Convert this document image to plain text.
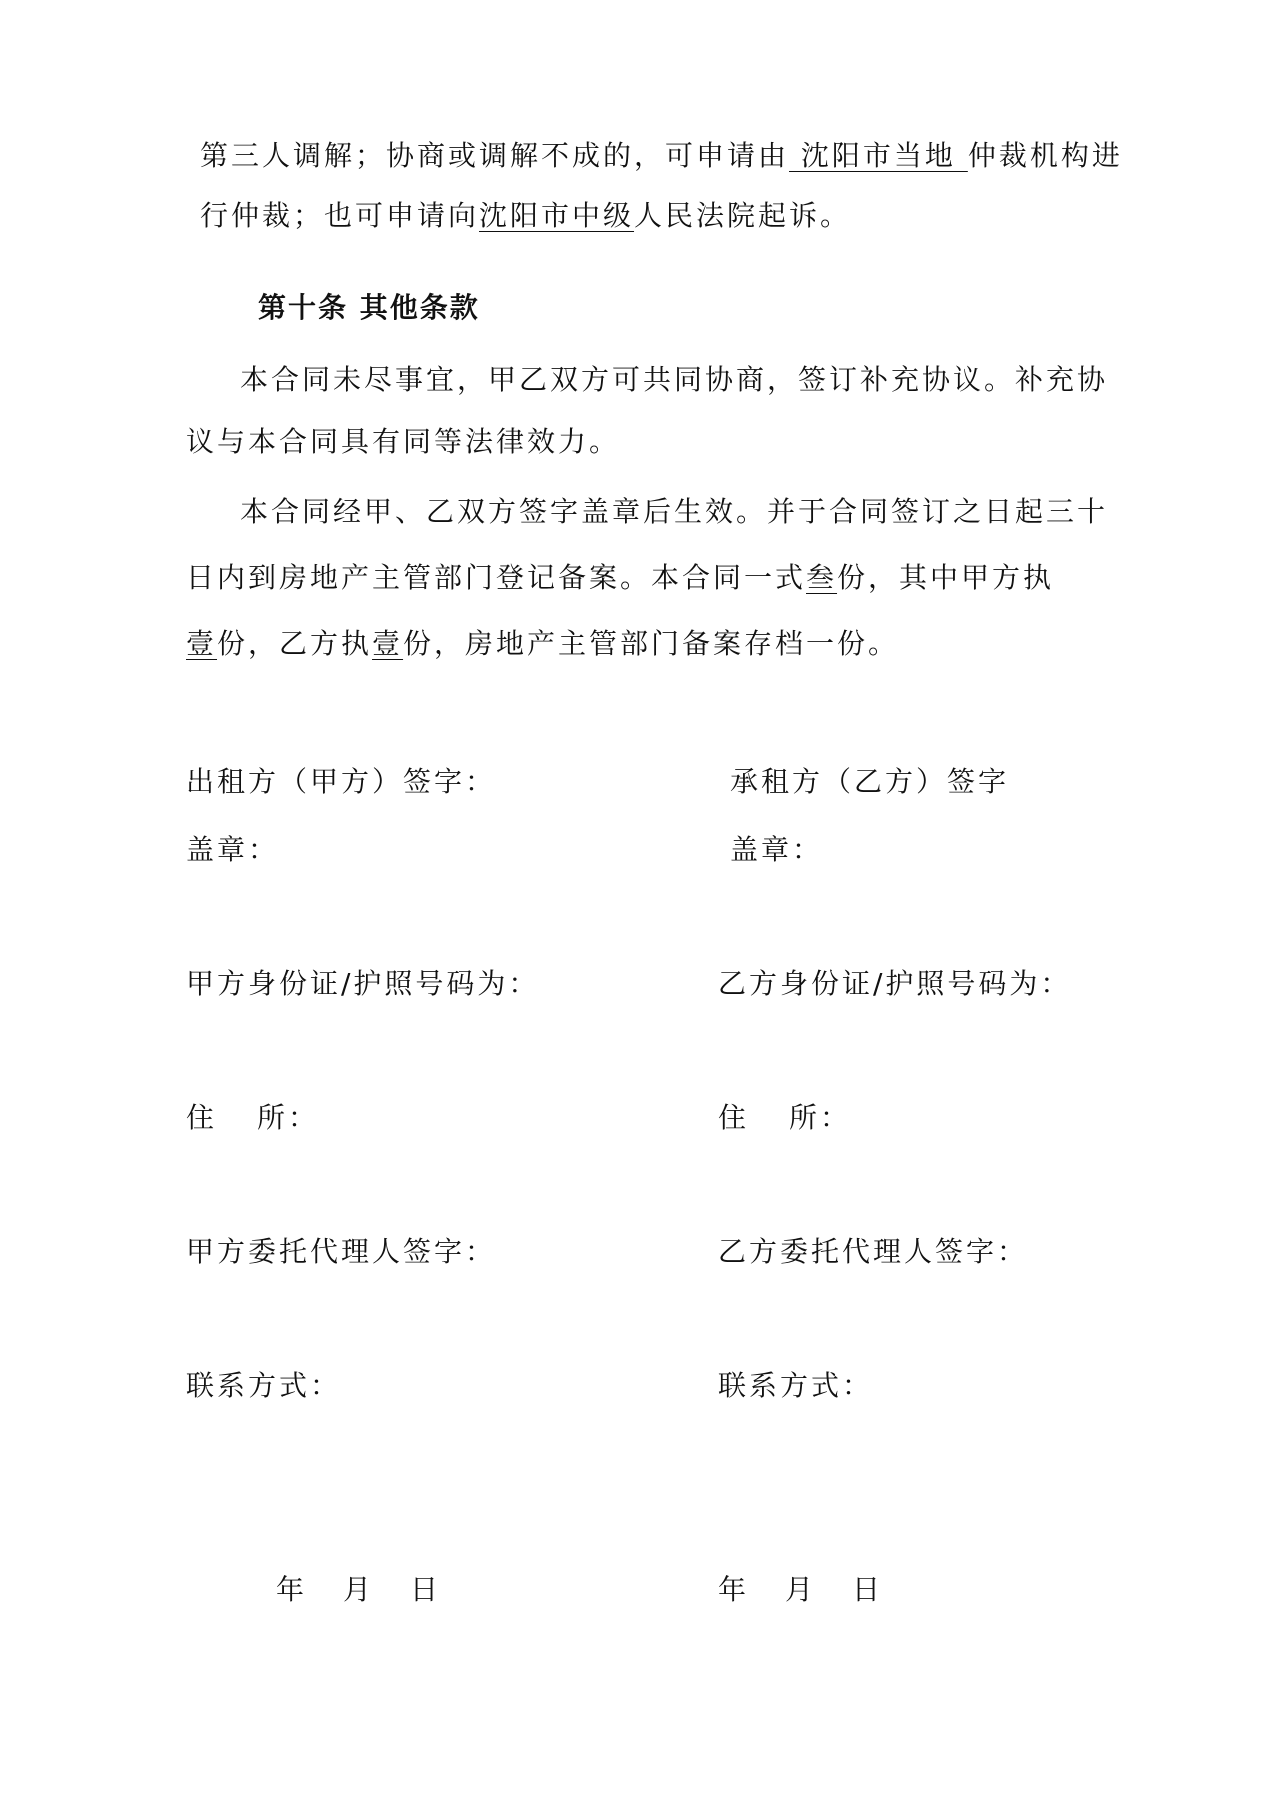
第三人调解；协商或调解不成的，可申请由 沈阳市当地 仲裁机构进
行仲裁；也可申请向沈阳市中级人民法院起诉。
第十条 其他条款
本合同未尽事宜，甲乙双方可共同协商，签订补充协议。补充协
议与本合同具有同等法律效力。
本合同经甲、乙双方签字盖章后生效。并于合同签订之日起三十
日内到房地产主管部门登记备案。本合同一式叁份，其中甲方执
壹份，乙方执壹份，房地产主管部门备案存档一份。
出租方（甲方）签字：
盖章：
甲方身份证/护照号码为：
住 所：
甲方委托代理人签字：
联系方式：
年 月 日
承租方（乙方）签字
盖章：
乙方身份证/护照号码为：
住 所：
乙方委托代理人签字：
联系方式：
年 月 日
